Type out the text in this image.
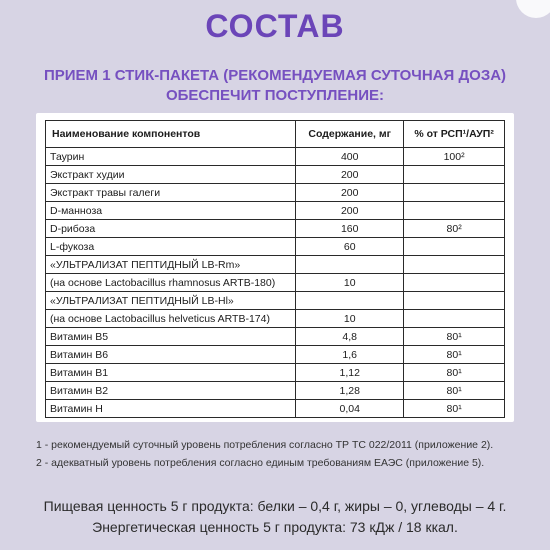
СОСТАВ
ПРИЕМ 1 СТИК-ПАКЕТА (РЕКОМЕНДУЕМАЯ СУТОЧНАЯ ДОЗА)
ОБЕСПЕЧИТ ПОСТУПЛЕНИЕ:
Наименование компонентов	Содержание, мг	% от РСП¹/АУП²
Таурин	400	100²
Экстракт худии	200	
Экстракт травы галеги	200	
D-манноза	200	
D-рибоза	160	80²
L-фукоза	60	
«УЛЬТРАЛИЗАТ ПЕПТИДНЫЙ LB-Rm»		
(на основе Lactobacillus rhamnosus ARTB-180)	10	
«УЛЬТРАЛИЗАТ ПЕПТИДНЫЙ LB-Hl»		
(на основе Lactobacillus helveticus ARTB-174)	10	
Витамин В5	4,8	80¹
Витамин В6	1,6	80¹
Витамин В1	1,12	80¹
Витамин В2	1,28	80¹
Витамин Н	0,04	80¹
1 - рекомендуемый суточный уровень потребления согласно ТР ТС 022/2011 (приложение 2).
2 - адекватный уровень потребления согласно единым требованиям ЕАЭС (приложение 5).
Пищевая ценность 5 г продукта: белки – 0,4 г, жиры – 0, углеводы – 4 г.
Энергетическая ценность 5 г продукта: 73 кДж / 18 ккал.
